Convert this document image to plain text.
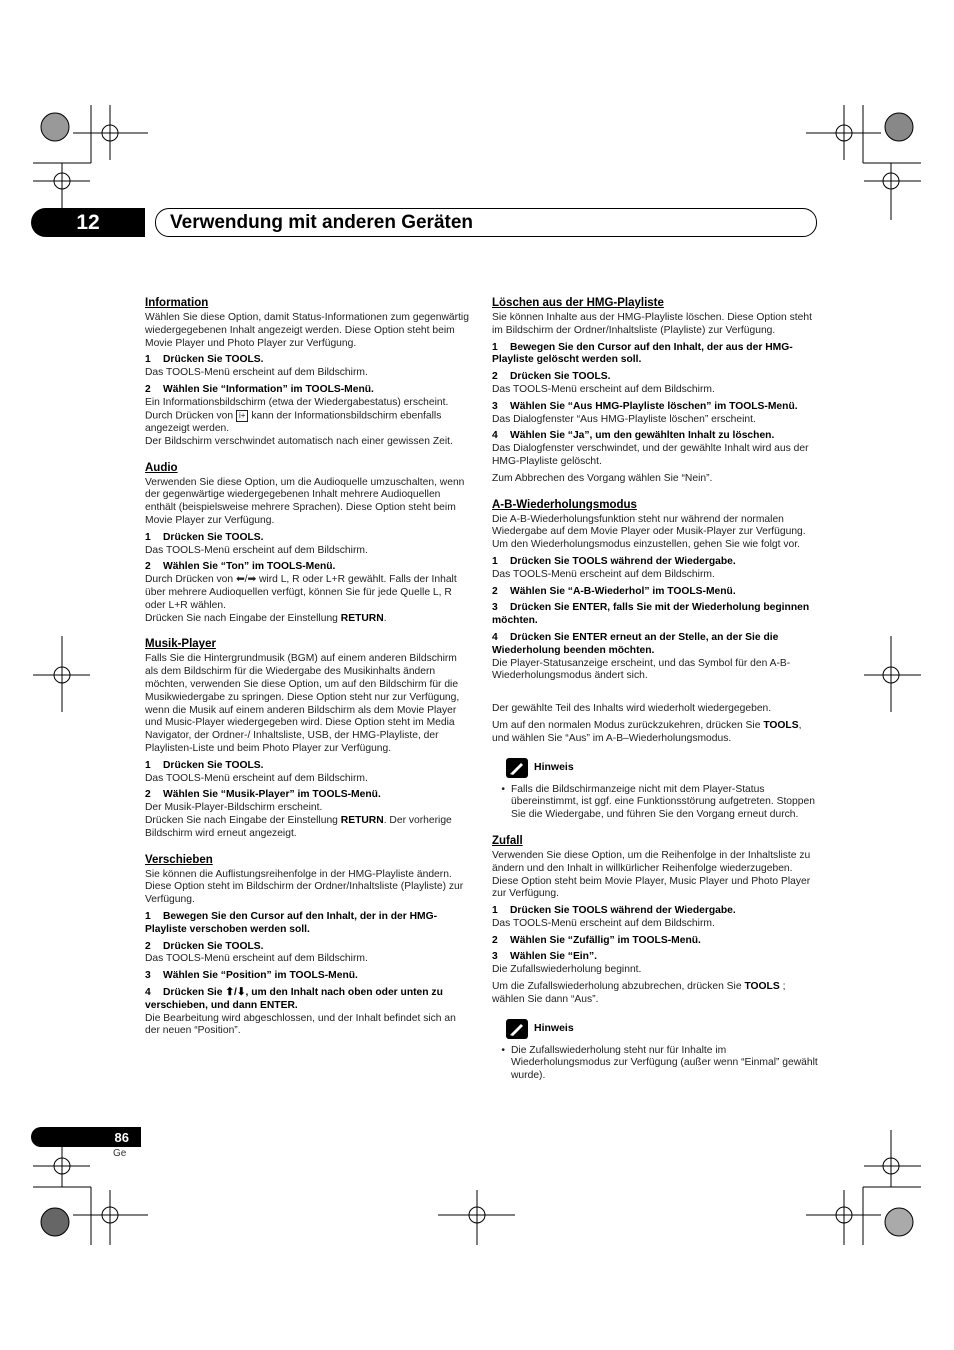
12	Verwendung mit anderen Geräten
Information

Wählen Sie diese Option, damit Status-Informationen zum gegenwärtig wiedergegebenen Inhalt angezeigt werden. Diese Option steht beim Movie Player und Photo Player zur Verfügung.

1 Drücken Sie TOOLS.

Das TOOLS-Menü erscheint auf dem Bildschirm.

2 Wählen Sie “Information” im TOOLS-Menü.

Ein Informationsbildschirm (etwa der Wiedergabestatus) erscheint. Durch Drücken von i+ kann der Informationsbildschirm ebenfalls angezeigt werden.

Der Bildschirm verschwindet automatisch nach einer gewissen Zeit.

Audio

Verwenden Sie diese Option, um die Audioquelle umzuschalten, wenn der gegenwärtige wiedergegebenen Inhalt mehrere Audioquellen enthält (beispielsweise mehrere Sprachen). Diese Option steht beim Movie Player zur Verfügung.

1 Drücken Sie TOOLS.

Das TOOLS-Menü erscheint auf dem Bildschirm.

2 Wählen Sie “Ton” im TOOLS-Menü.

Durch Drücken von ⬅/➡ wird L, R oder L+R gewählt. Falls der Inhalt über mehrere Audioquellen verfügt, können Sie für jede Quelle L, R oder L+R wählen.

Drücken Sie nach Eingabe der Einstellung RETURN.

Musik-Player

Falls Sie die Hintergrundmusik (BGM) auf einem anderen Bildschirm als dem Bildschirm für die Wiedergabe des Musikinhalts ändern möchten, verwenden Sie diese Option, um auf den Bildschirm für die Musikwiedergabe zu springen. Diese Option steht nur zur Verfügung, wenn die Musik auf einem anderen Bildschirm als dem Movie Player und Music-Player wiedergegeben wird. Diese Option steht im Media Navigator, der Ordner-/ Inhaltsliste, USB, der HMG-Playliste, der Playlisten-Liste und beim Photo Player zur Verfügung.

1 Drücken Sie TOOLS.

Das TOOLS-Menü erscheint auf dem Bildschirm.

2 Wählen Sie “Musik-Player” im TOOLS-Menü.

Der Musik-Player-Bildschirm erscheint.

Drücken Sie nach Eingabe der Einstellung RETURN. Der vorherige Bildschirm wird erneut angezeigt.

Verschieben

Sie können die Auflistungsreihenfolge in der HMG-Playliste ändern. Diese Option steht im Bildschirm der Ordner/Inhaltsliste (Playliste) zur Verfügung.

1 Bewegen Sie den Cursor auf den Inhalt, der in der HMG-Playliste verschoben werden soll.
2 Drücken Sie TOOLS.

Das TOOLS-Menü erscheint auf dem Bildschirm.

3 Wählen Sie “Position” im TOOLS-Menü.
4 Drücken Sie ⬆/⬇, um den Inhalt nach oben oder unten zu verschieben, und dann ENTER.

Die Bearbeitung wird abgeschlossen, und der Inhalt befindet sich an der neuen “Position”.

Löschen aus der HMG-Playliste

Sie können Inhalte aus der HMG-Playliste löschen. Diese Option steht im Bildschirm der Ordner/Inhaltsliste (Playliste) zur Verfügung.

1 Bewegen Sie den Cursor auf den Inhalt, der aus der HMG-Playliste gelöscht werden soll.
2 Drücken Sie TOOLS.

Das TOOLS-Menü erscheint auf dem Bildschirm.

3 Wählen Sie “Aus HMG-Playliste löschen” im TOOLS-Menü.

Das Dialogfenster “Aus HMG-Playliste löschen” erscheint.

4 Wählen Sie “Ja”, um den gewählten Inhalt zu löschen.

Das Dialogfenster verschwindet, und der gewählte Inhalt wird aus der HMG-Playliste gelöscht.

Zum Abbrechen des Vorgang wählen Sie “Nein”.

A-B-Wiederholungsmodus

Die A-B-Wiederholungsfunktion steht nur während der normalen Wiedergabe auf dem Movie Player oder Musik-Player zur Verfügung. Um den Wiederholungsmodus einzustellen, gehen Sie wie folgt vor.

1 Drücken Sie TOOLS während der Wiedergabe.

Das TOOLS-Menü erscheint auf dem Bildschirm.

2 Wählen Sie “A-B-Wiederhol” im TOOLS-Menü.
3 Drücken Sie ENTER, falls Sie mit der Wiederholung beginnen möchten.
4 Drücken Sie ENTER erneut an der Stelle, an der Sie die Wiederholung beenden möchten.

Die Player-Statusanzeige erscheint, und das Symbol für den A-B-Wiederholungsmodus ändert sich.

Der gewählte Teil des Inhalts wird wiederholt wiedergegeben.

Um auf den normalen Modus zurückzukehren, drücken Sie TOOLS, und wählen Sie “Aus” im A-B–Wiederholungsmodus.

Hinweis
• Falls die Bildschirmanzeige nicht mit dem Player-Status übereinstimmt, ist ggf. eine Funktionsstörung aufgetreten. Stoppen Sie die Wiedergabe, und führen Sie den Vorgang erneut durch.
Zufall

Verwenden Sie diese Option, um die Reihenfolge in der Inhaltsliste zu ändern und den Inhalt in willkürlicher Reihenfolge wiederzugeben. Diese Option steht beim Movie Player, Music Player und Photo Player zur Verfügung.

1 Drücken Sie TOOLS während der Wiedergabe.

Das TOOLS-Menü erscheint auf dem Bildschirm.

2 Wählen Sie “Zufällig” im TOOLS-Menü.
3 Wählen Sie “Ein”.

Die Zufallswiederholung beginnt.

Um die Zufallswiederholung abzubrechen, drücken Sie TOOLS ; wählen Sie dann “Aus”.

Hinweis
• Die Zufallswiederholung steht nur für Inhalte im Wiederholungsmodus zur Verfügung (außer wenn “Einmal” gewählt wurde).
86
Ge
